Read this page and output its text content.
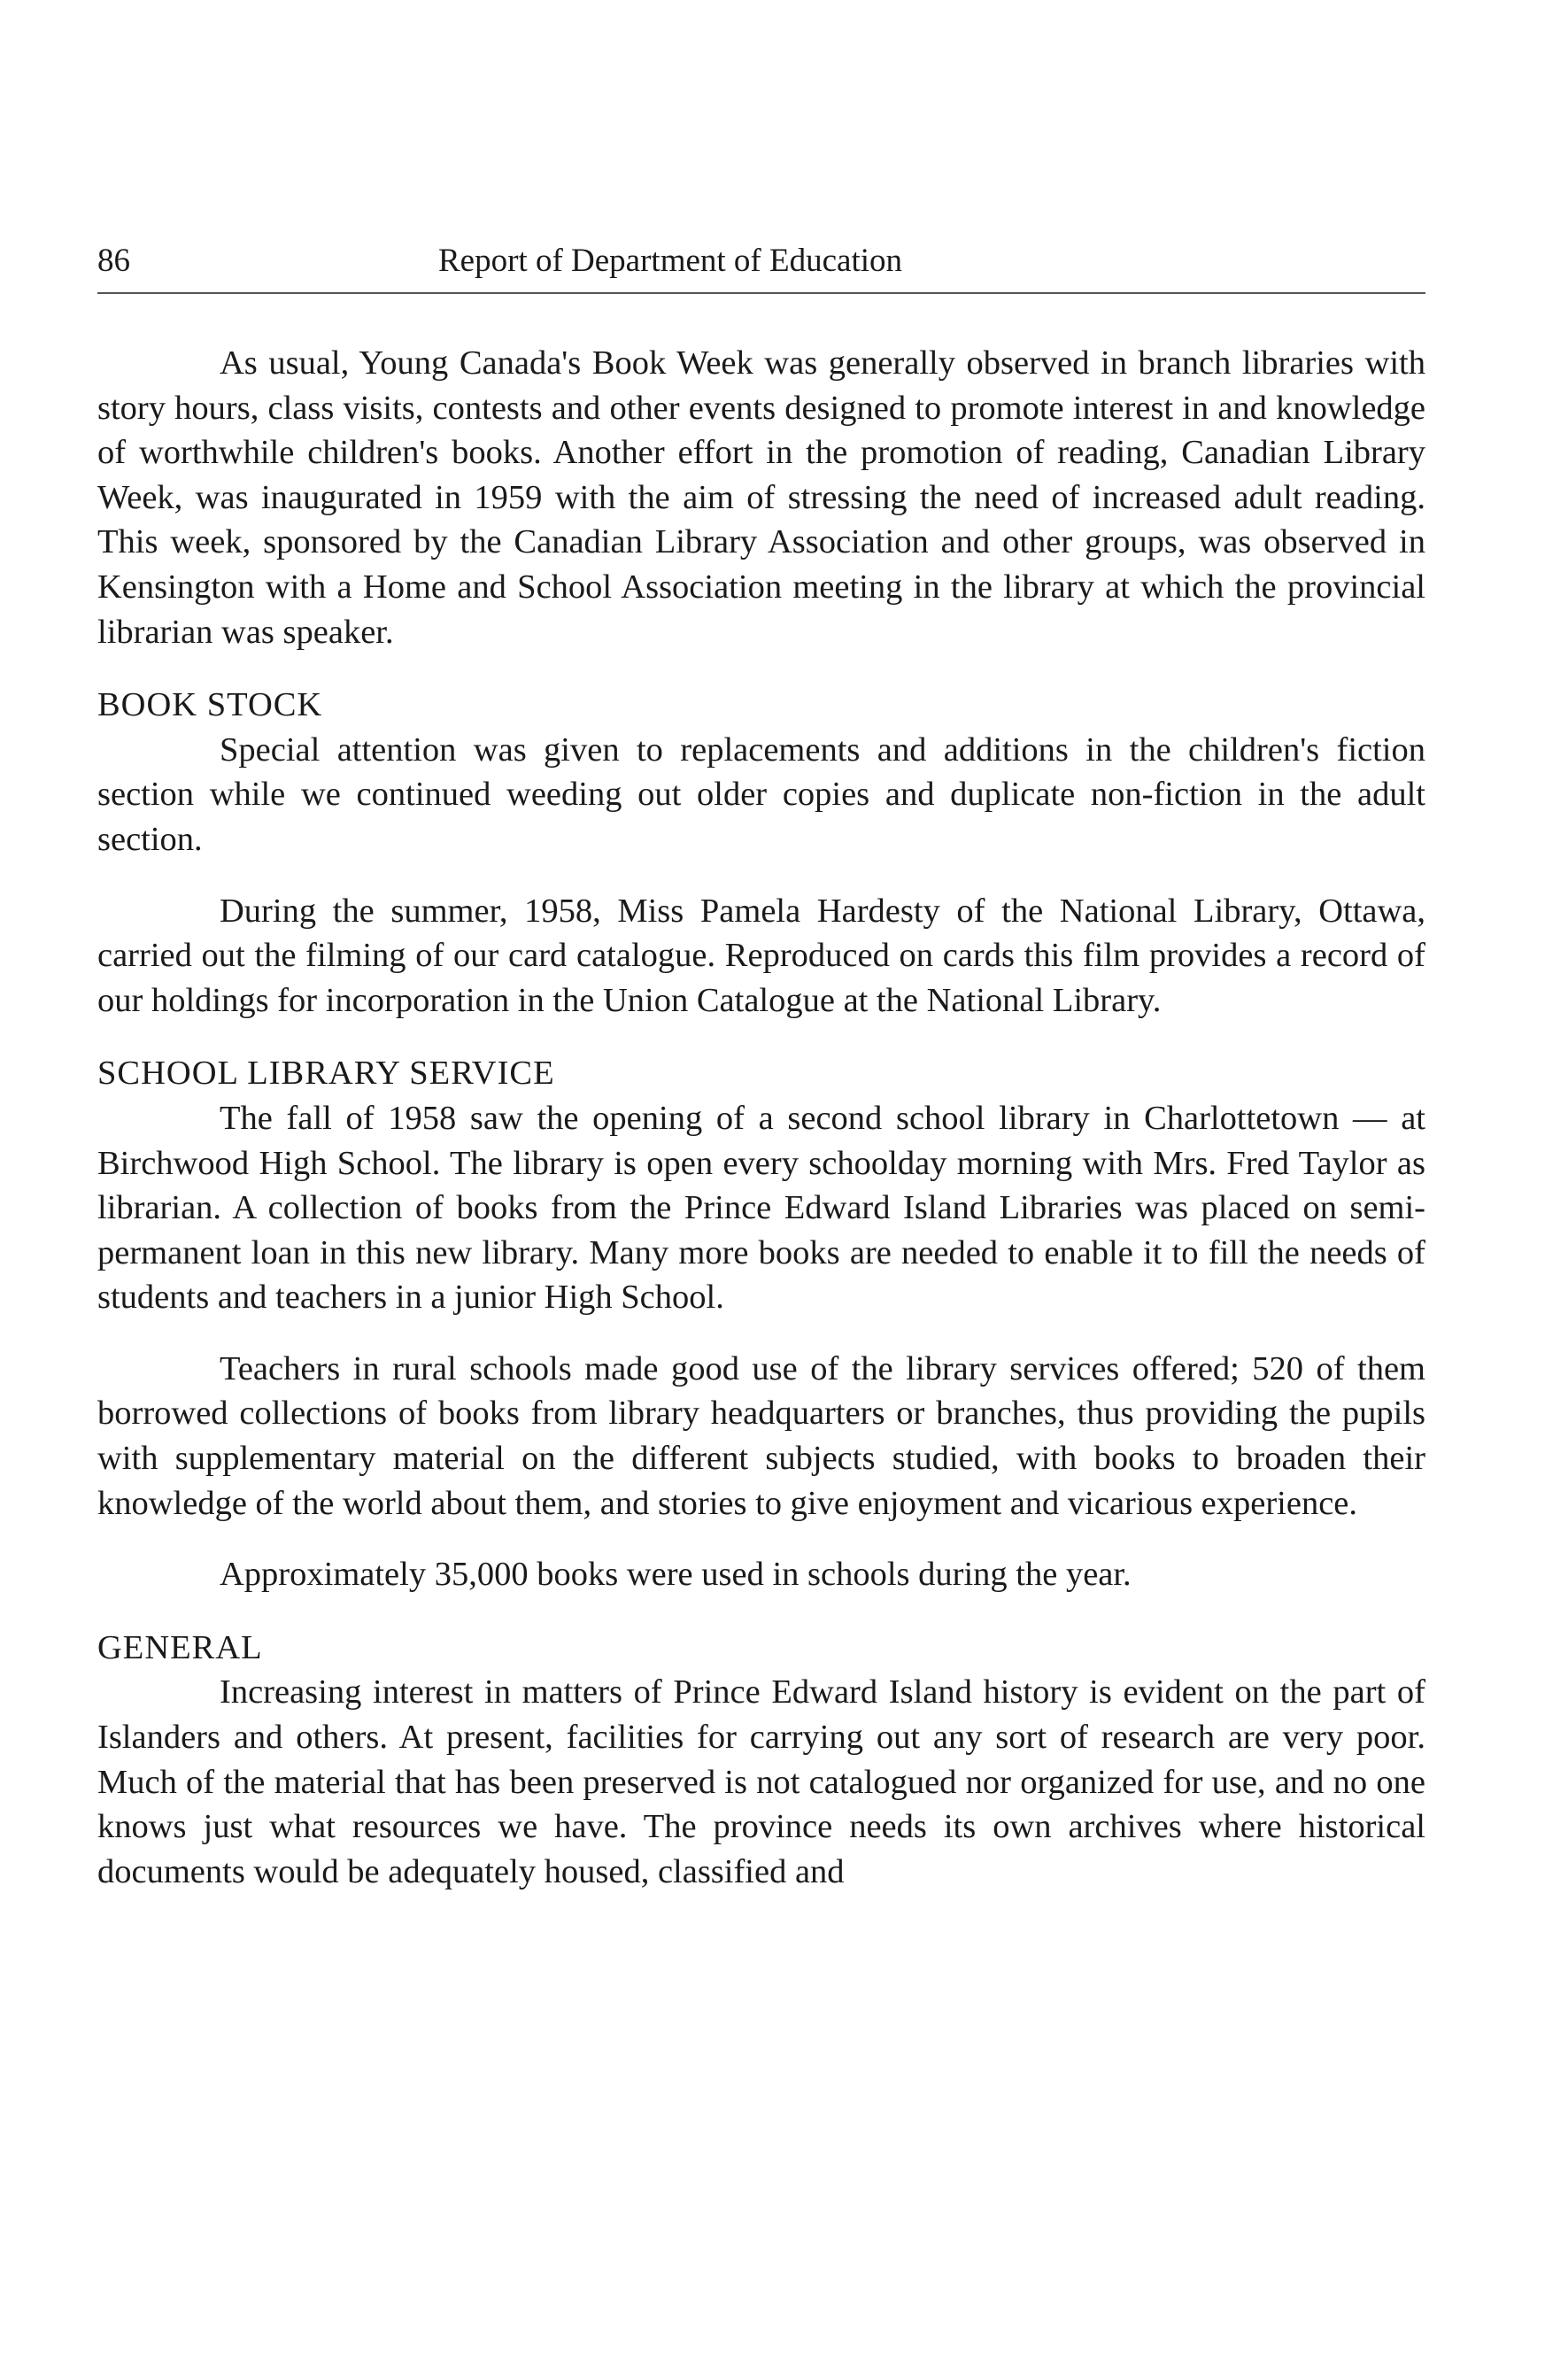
86	Report of Department of Education

As usual, Young Canada's Book Week was generally observed in branch libraries with story hours, class visits, contests and other events designed to promote interest in and knowledge of worthwhile children's books. Another effort in the promotion of reading, Canadian Library Week, was inaugurated in 1959 with the aim of stressing the need of increased adult reading. This week, sponsored by the Canadian Library Association and other groups, was observed in Kensington with a Home and School Association meeting in the library at which the provincial librarian was speaker.

BOOK STOCK

Special attention was given to replacements and additions in the children's fiction section while we continued weeding out older copies and duplicate non-fiction in the adult section.

During the summer, 1958, Miss Pamela Hardesty of the National Library, Ottawa, carried out the filming of our card catalogue. Reproduced on cards this film provides a record of our holdings for incorporation in the Union Catalogue at the National Library.

SCHOOL LIBRARY SERVICE

The fall of 1958 saw the opening of a second school library in Charlottetown — at Birchwood High School. The library is open every schoolday morning with Mrs. Fred Taylor as librarian. A collection of books from the Prince Edward Island Libraries was placed on semi-permanent loan in this new library. Many more books are needed to enable it to fill the needs of students and teachers in a junior High School.

Teachers in rural schools made good use of the library services offered; 520 of them borrowed collections of books from library headquarters or branches, thus providing the pupils with supplementary material on the different subjects studied, with books to broaden their knowledge of the world about them, and stories to give enjoyment and vicarious experience.

Approximately 35,000 books were used in schools during the year.

GENERAL

Increasing interest in matters of Prince Edward Island history is evident on the part of Islanders and others. At present, facilities for carrying out any sort of research are very poor. Much of the material that has been preserved is not catalogued nor organized for use, and no one knows just what resources we have. The province needs its own archives where historical documents would be adequately housed, classified and
